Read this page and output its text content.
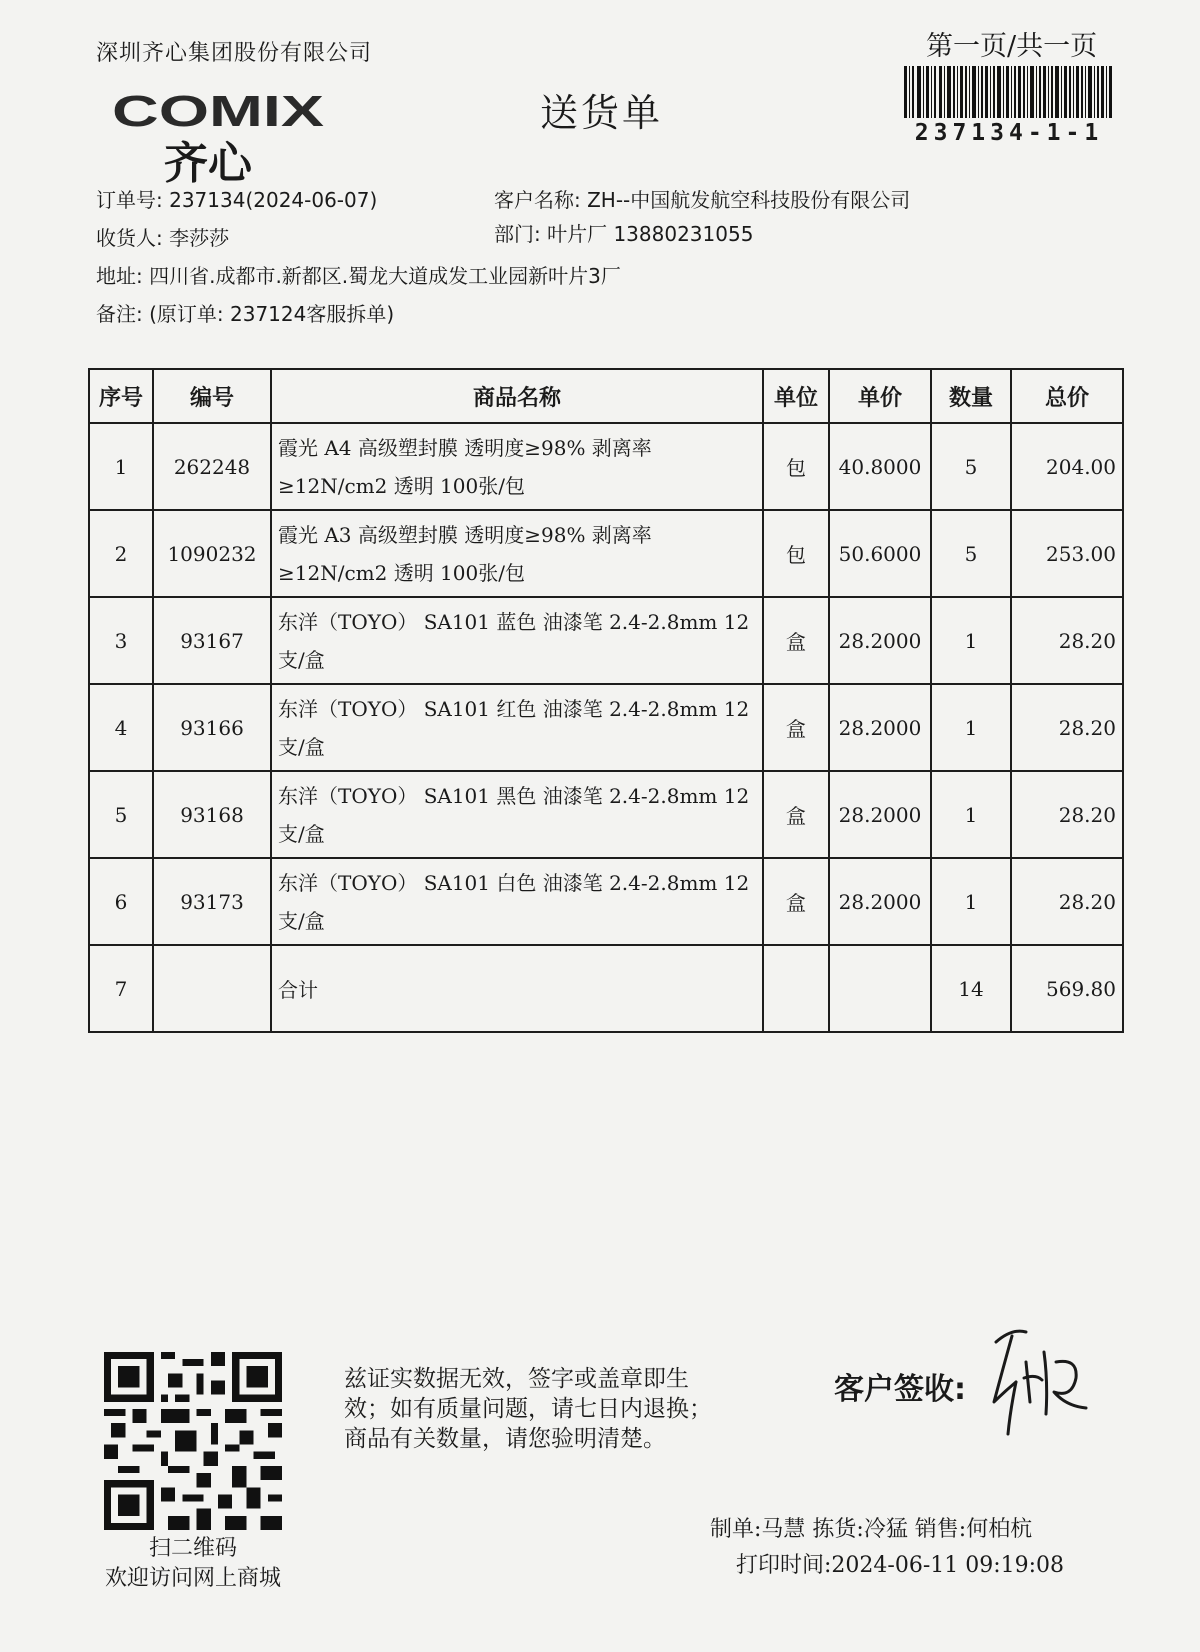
深圳齐心集团股份有限公司	第一页/共一页
237134-1-1
COMIX
齐心
送货单
订单号: 237134(2024-06-07)	客户名称: ZH--中国航发航空科技股份有限公司
收货人: 李莎莎	部门: 叶片厂 13880231055
地址: 四川省.成都市.新都区.蜀龙大道成发工业园新叶片3厂
备注: (原订单: 237124客服拆单)
序号	编号	商品名称	单位	单价	数量	总价
1	262248	霞光 A4 高级塑封膜 透明度≥98% 剥离率≥12N/cm2 透明 100张/包	包	40.8000	5	204.00
2	1090232	霞光 A3 高级塑封膜 透明度≥98% 剥离率≥12N/cm2 透明 100张/包	包	50.6000	5	253.00
3	93167	东洋（TOYO） SA101 蓝色 油漆笔 2.4-2.8mm 12支/盒	盒	28.2000	1	28.20
4	93166	东洋（TOYO） SA101 红色 油漆笔 2.4-2.8mm 12支/盒	盒	28.2000	1	28.20
5	93168	东洋（TOYO） SA101 黑色 油漆笔 2.4-2.8mm 12支/盒	盒	28.2000	1	28.20
6	93173	东洋（TOYO） SA101 白色 油漆笔 2.4-2.8mm 12支/盒	盒	28.2000	1	28.20
7		合计			14	569.80
扫二维码
欢迎访问网上商城
兹证实数据无效，签字或盖章即生
效；如有质量问题，请七日内退换；
商品有关数量，请您验明清楚。
客户签收:
制单:马慧 拣货:冷猛 销售:何柏杭
打印时间:2024-06-11 09:19:08
